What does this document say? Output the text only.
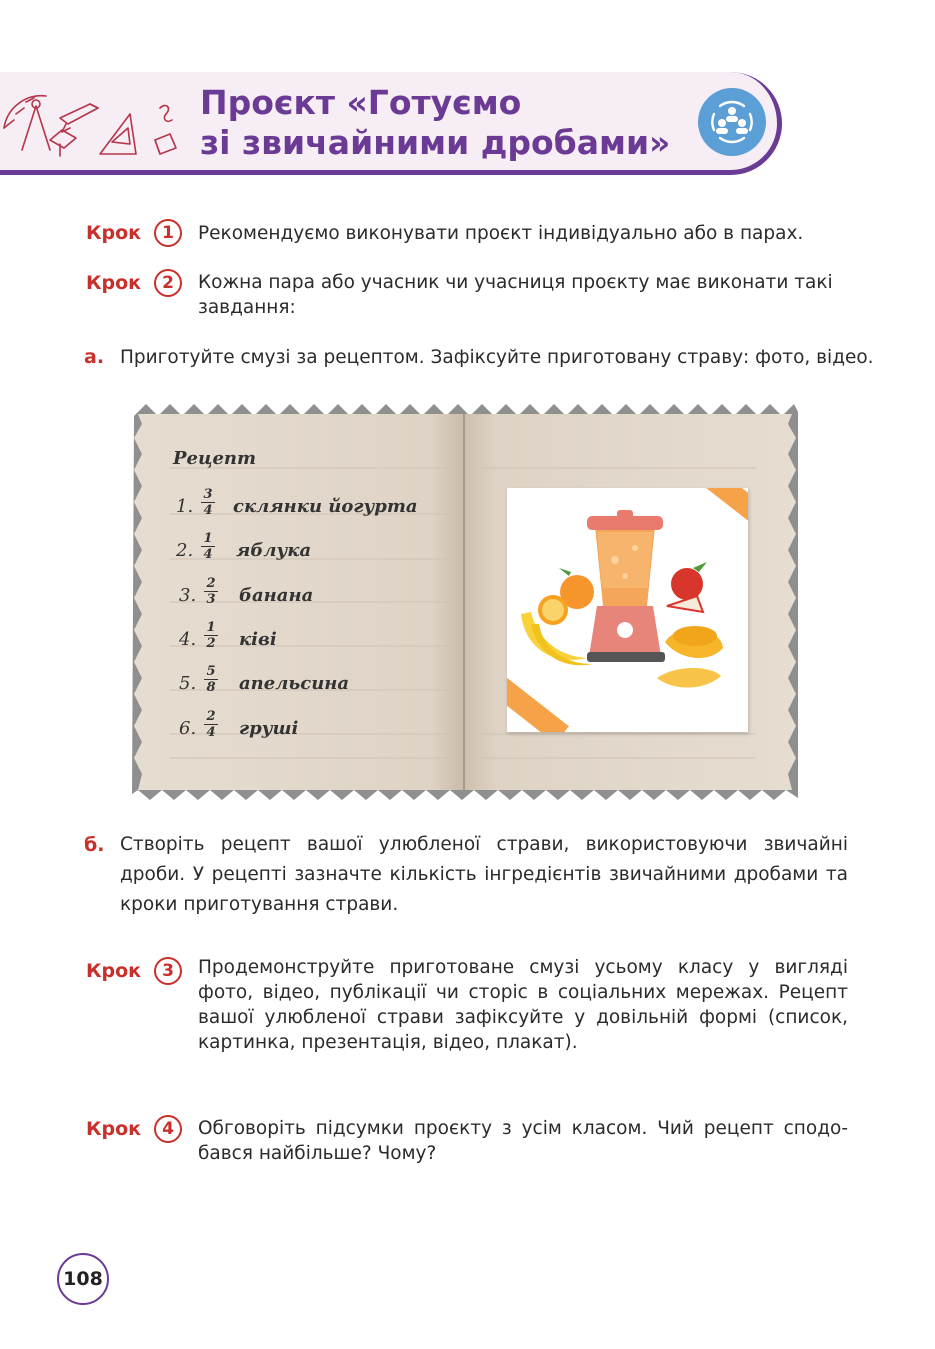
Проєкт «Готуємо
зі звичайними дробами»
Крок	1	Рекомендуємо виконувати проєкт індивідуально або в парах.
Крок	2	Кожна пара або учасник чи учасниця проєкту має виконати такі завдання:
а. Приготуйте смузі за рецептом. Зафіксуйте приготовану страву: фото, відео.
Рецепт
1. $\frac{3}{4}$ склянки йогурта
2. $\frac{1}{4}$ яблука
3. $\frac{2}{3}$ банана
4. $\frac{1}{2}$ ківі
5. $\frac{5}{8}$ апельсина
6. $\frac{2}{4}$ груші
б. Створіть рецепт вашої улюбленої страви, використовуючи звичайні дроби. У рецепті зазначте кількість інгредієнтів звичайними дробами та кроки приготування страви.
Крок	3	Продемонструйте приготоване смузі усьому класу у вигляді фото, відео, публікації чи сторіс в соціальних мережах. Рецепт вашої улюбленої страви зафіксуйте у довільній формі (список, картинка, презентація, відео, плакат).
Крок	4	Обговоріть підсумки проєкту з усім класом. Чий рецепт сподо-бався найбільше? Чому?
108
